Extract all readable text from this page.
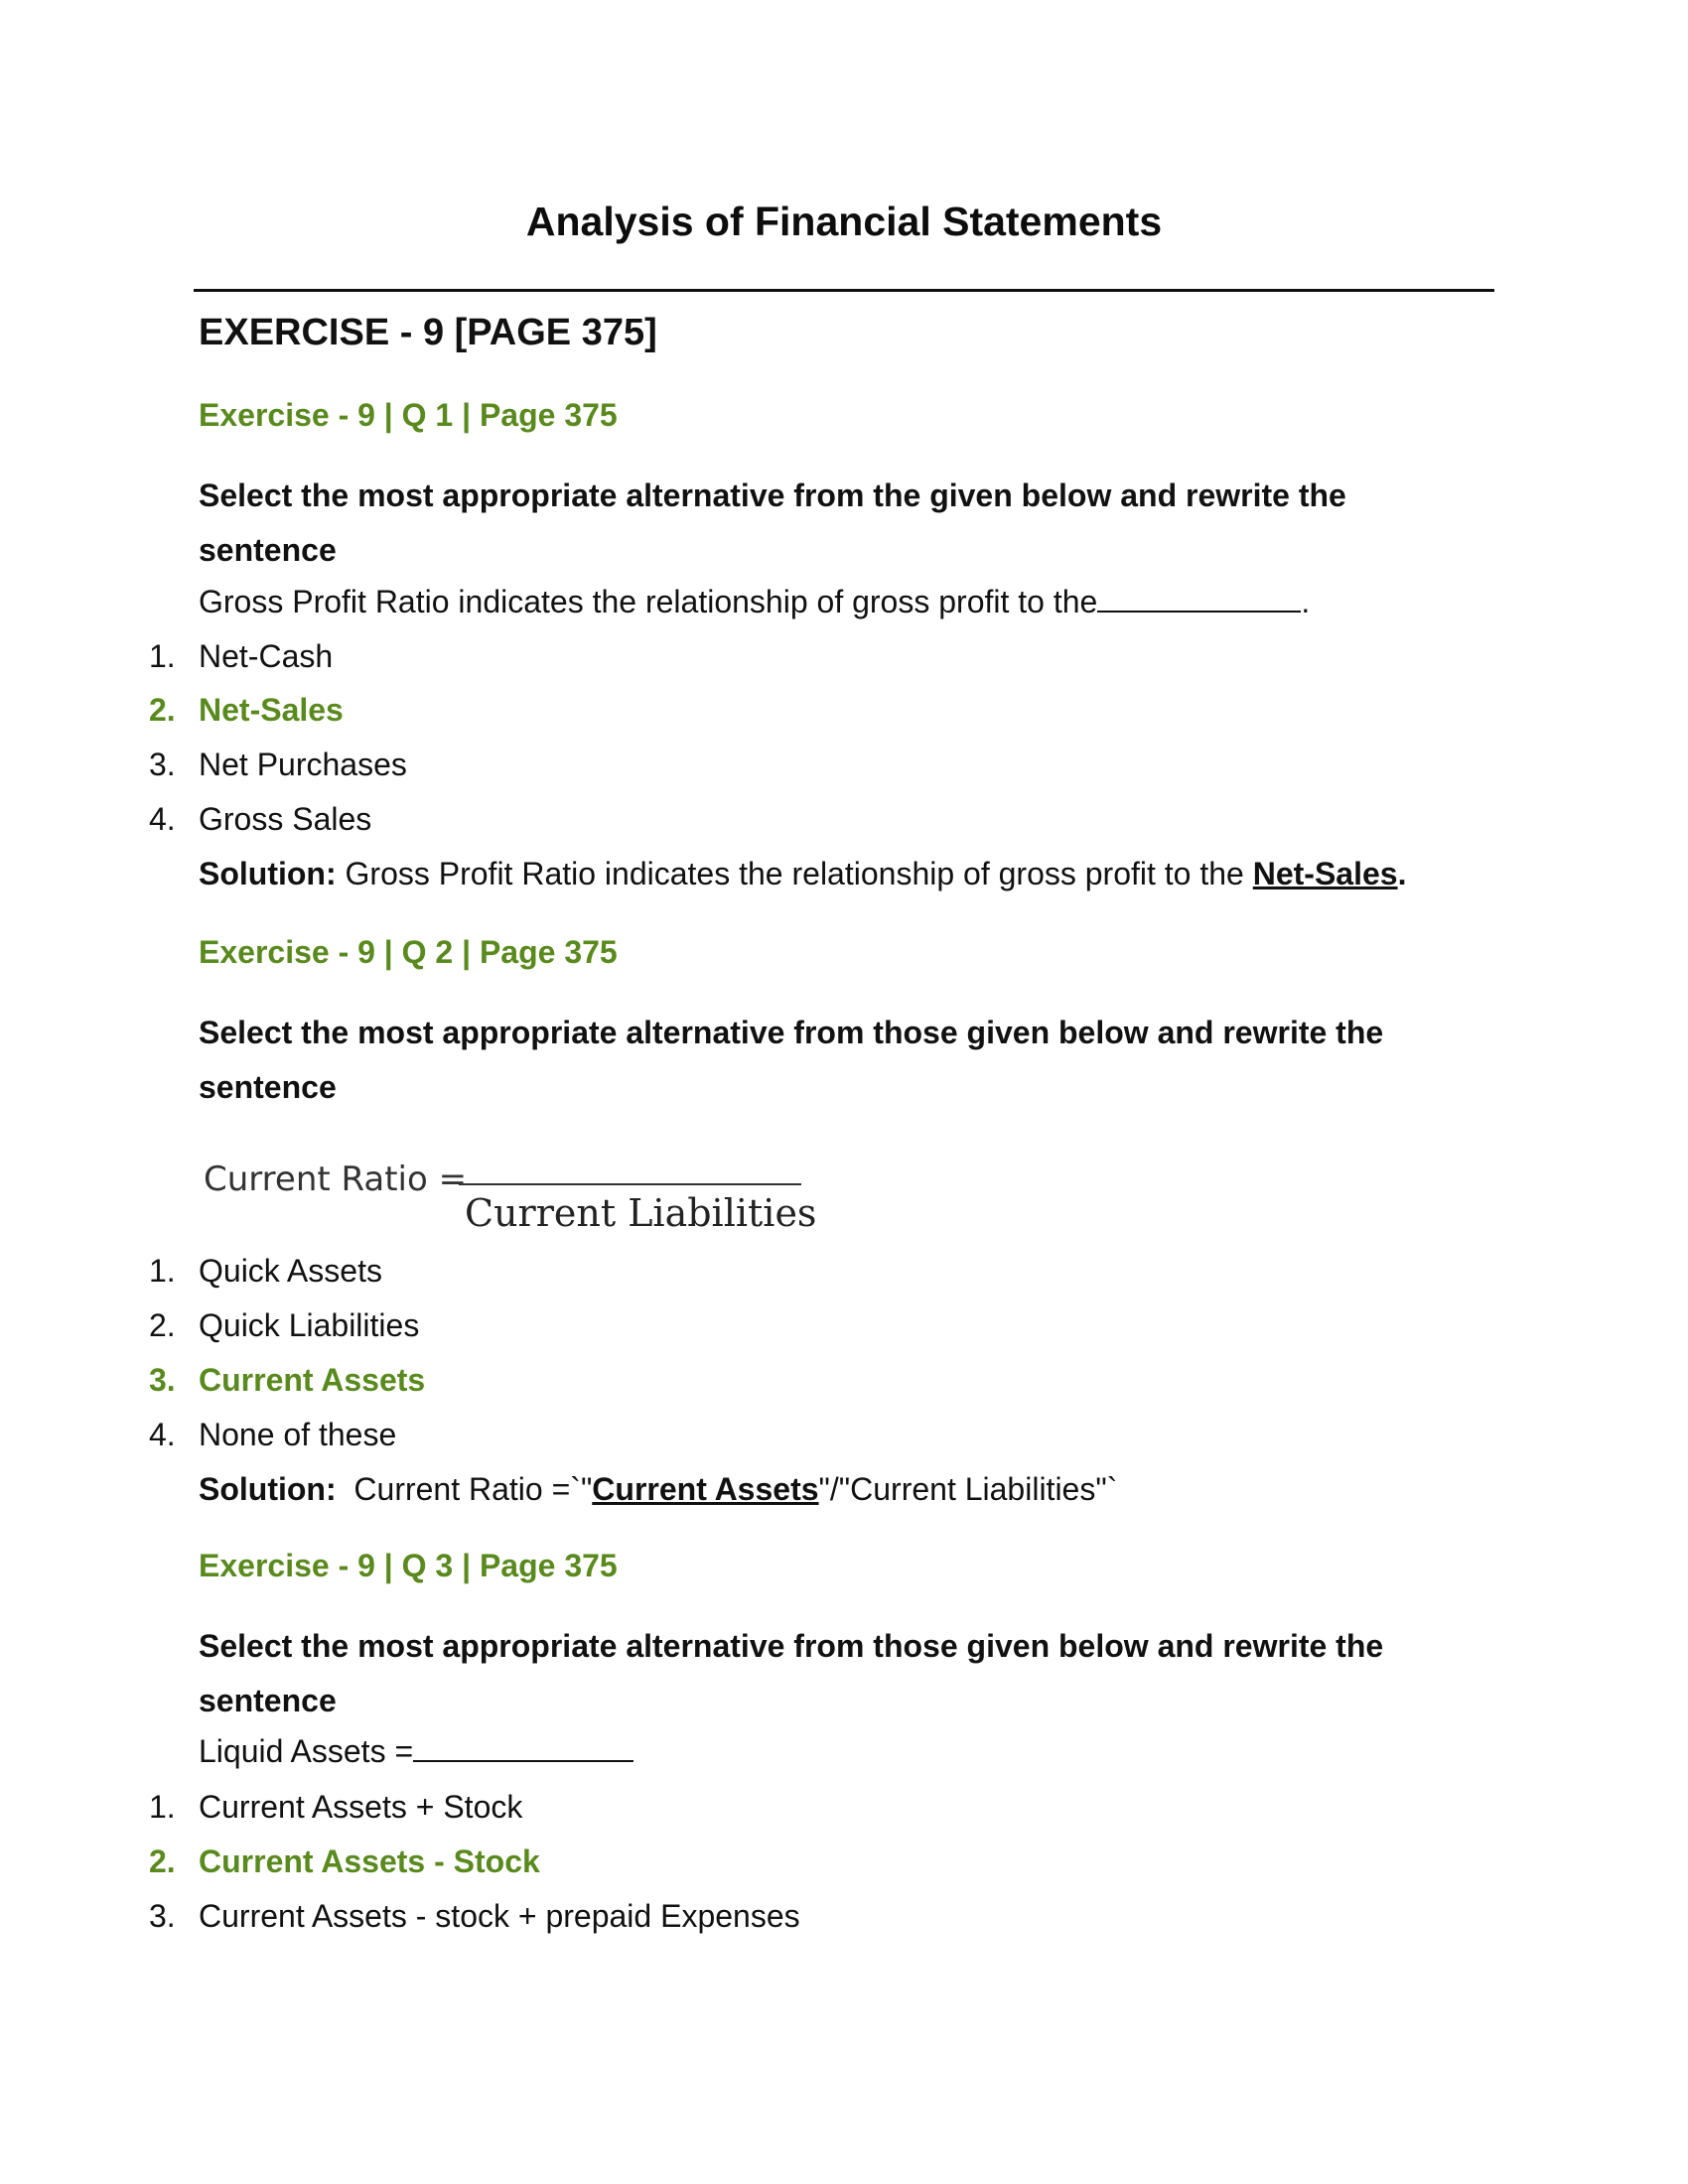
Analysis of Financial Statements
EXERCISE - 9 [PAGE 375]
Exercise - 9 | Q 1 | Page 375
Select the most appropriate alternative from the given below and rewrite the sentence
Gross Profit Ratio indicates the relationship of gross profit to the	.
1. Net-Cash
2. Net-Sales
3. Net Purchases
4. Gross Sales
Solution: Gross Profit Ratio indicates the relationship of gross profit to the Net-Sales.
Exercise - 9 | Q 2 | Page 375
Select the most appropriate alternative from those given below and rewrite the sentence
Current Ratio =
Current Liabilities
1. Quick Assets
2. Quick Liabilities
3. Current Assets
4. None of these
Solution:  Current Ratio =`"Current Assets"/"Current Liabilities"`
Exercise - 9 | Q 3 | Page 375
Select the most appropriate alternative from those given below and rewrite the sentence
Liquid Assets =
1. Current Assets + Stock
2. Current Assets - Stock
3. Current Assets - stock + prepaid Expenses
